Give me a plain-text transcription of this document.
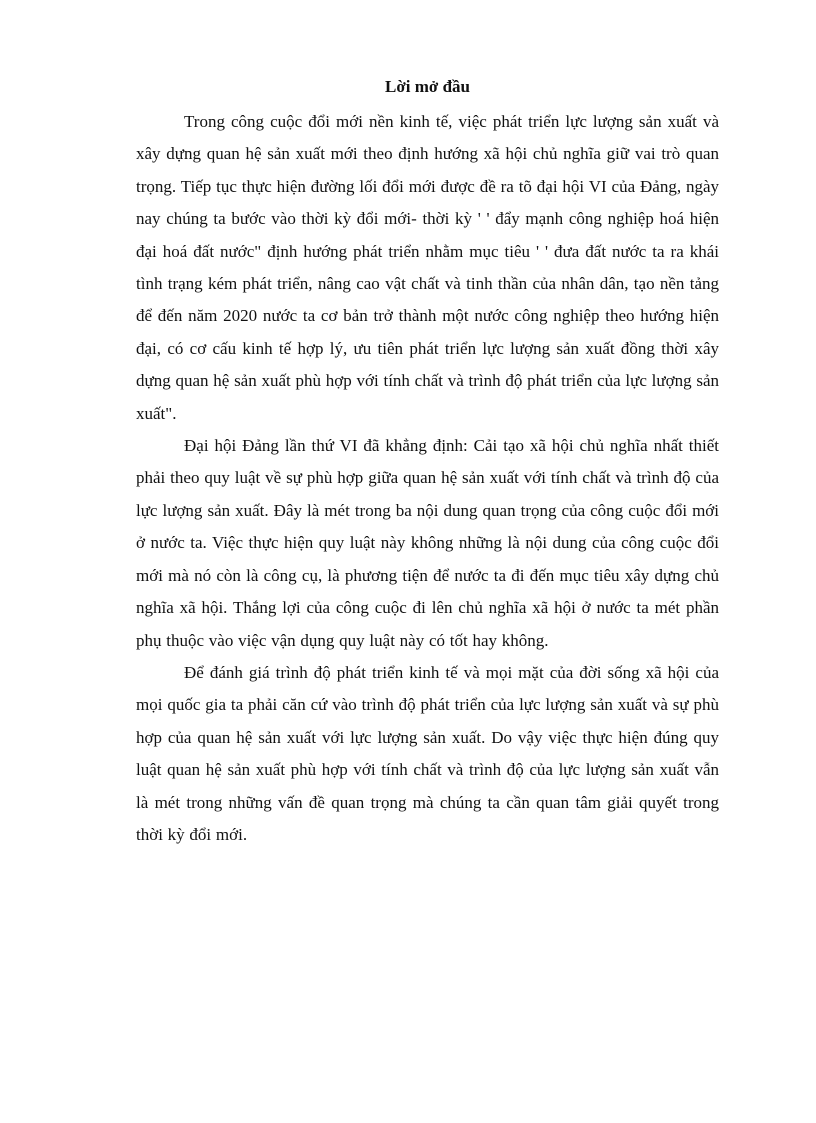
Lời mở đầu

Trong công cuộc đổi mới nền kinh tế, việc phát triển lực lượng sản xuất và xây dựng quan hệ sản xuất mới theo định hướng xã hội chủ nghĩa giữ vai trò quan trọng. Tiếp tục thực hiện đường lối đổi mới được đề ra tõ đại hội VI của Đảng, ngày nay chúng ta bước vào thời kỳ đổi mới- thời kỳ ' ' đẩy mạnh công nghiệp hoá hiện đại hoá đất nước" định hướng phát triển nhằm mục tiêu ' ' đưa đất nước ta ra khái tình trạng kém phát triển, nâng cao vật chất và tinh thần của nhân dân, tạo nền tảng để đến năm 2020 nước ta cơ bản trở thành một nước công nghiệp theo hướng hiện đại, có cơ cấu kinh tế hợp lý, ưu tiên phát triển lực lượng sản xuất đồng thời xây dựng quan hệ sản xuất phù hợp với tính chất và trình độ phát triển của lực lượng sản xuất".

Đại hội Đảng lần thứ VI đã khẳng định: Cải tạo xã hội chủ nghĩa nhất thiết phải theo quy luật về sự phù hợp giữa quan hệ sản xuất với tính chất và trình độ của lực lượng sản xuất. Đây là mét trong ba nội dung quan trọng của công cuộc đổi mới ở nước ta. Việc thực hiện quy luật này không những là nội dung của công cuộc đổi mới mà nó còn là công cụ, là phương tiện để nước ta đi đến mục tiêu xây dựng chủ nghĩa xã hội. Thắng lợi của công cuộc đi lên chủ nghĩa xã hội ở nước ta mét phần phụ thuộc vào việc vận dụng quy luật này có tốt hay không.

Để đánh giá trình độ phát triển kinh tế và mọi mặt của đời sống xã hội của mọi quốc gia ta phải căn cứ vào trình độ phát triển của lực lượng sản xuất và sự phù hợp của quan hệ sản xuất với lực lượng sản xuất. Do vậy việc thực hiện đúng quy luật quan hệ sản xuất phù hợp với tính chất và trình độ của lực lượng sản xuất vẫn là mét trong những vấn đề quan trọng mà chúng ta cần quan tâm giải quyết trong thời kỳ đổi mới.
